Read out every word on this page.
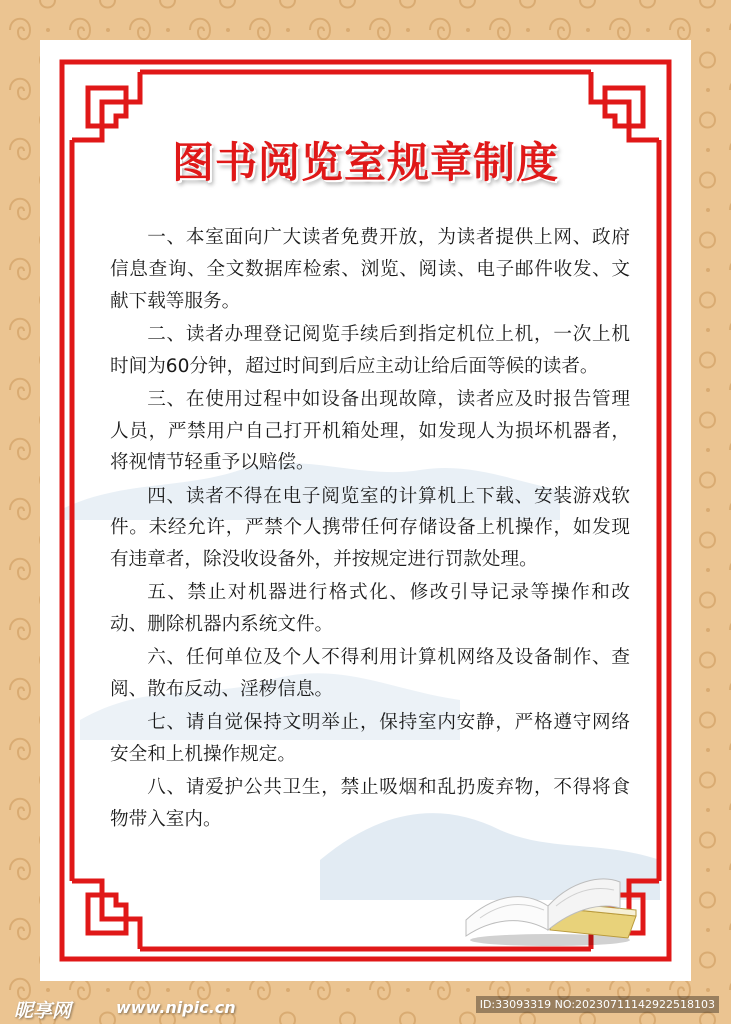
图书阅览室规章制度

一、本室面向广大读者免费开放，为读者提供上网、政府信息查询、全文数据库检索、浏览、阅读、电子邮件收发、文献下载等服务。

二、读者办理登记阅览手续后到指定机位上机，一次上机时间为60分钟，超过时间到后应主动让给后面等候的读者。

三、在使用过程中如设备出现故障，读者应及时报告管理人员，严禁用户自己打开机箱处理，如发现人为损坏机器者，将视情节轻重予以赔偿。

四、读者不得在电子阅览室的计算机上下载、安装游戏软件。未经允许，严禁个人携带任何存储设备上机操作，如发现有违章者，除没收设备外，并按规定进行罚款处理。

五、禁止对机器进行格式化、修改引导记录等操作和改动、删除机器内系统文件。

六、任何单位及个人不得利用计算机网络及设备制作、查阅、散布反动、淫秽信息。

七、请自觉保持文明举止，保持室内安静，严格遵守网络安全和上机操作规定。

八、请爱护公共卫生，禁止吸烟和乱扔废弃物，不得将食物带入室内。

昵享网	www.nipic.cn	ID:33093319 NO:20230711142922518103
